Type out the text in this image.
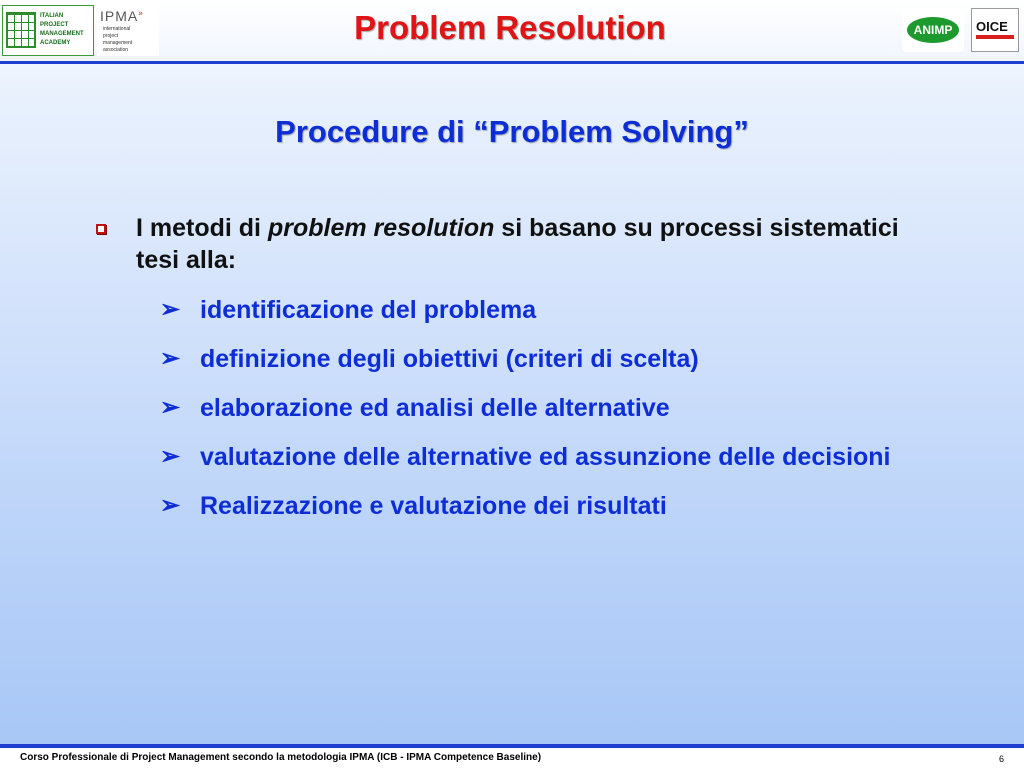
ITALIAN
PROJECT
MANAGEMENT
ACADEMY
IPMA»
international
project
management
association
Problem Resolution	ANIMP	OICE
Procedure di “Problem Solving”
I metodi di problem resolution si basano su processi sistematici tesi alla:
➢ identificazione del problema
➢ definizione degli obiettivi (criteri di scelta)
➢ elaborazione ed analisi delle alternative
➢ valutazione delle alternative ed assunzione delle decisioni
➢ Realizzazione e valutazione dei risultati
Corso Professionale di Project Management secondo la metodologia IPMA (ICB - IPMA Competence Baseline)	6
